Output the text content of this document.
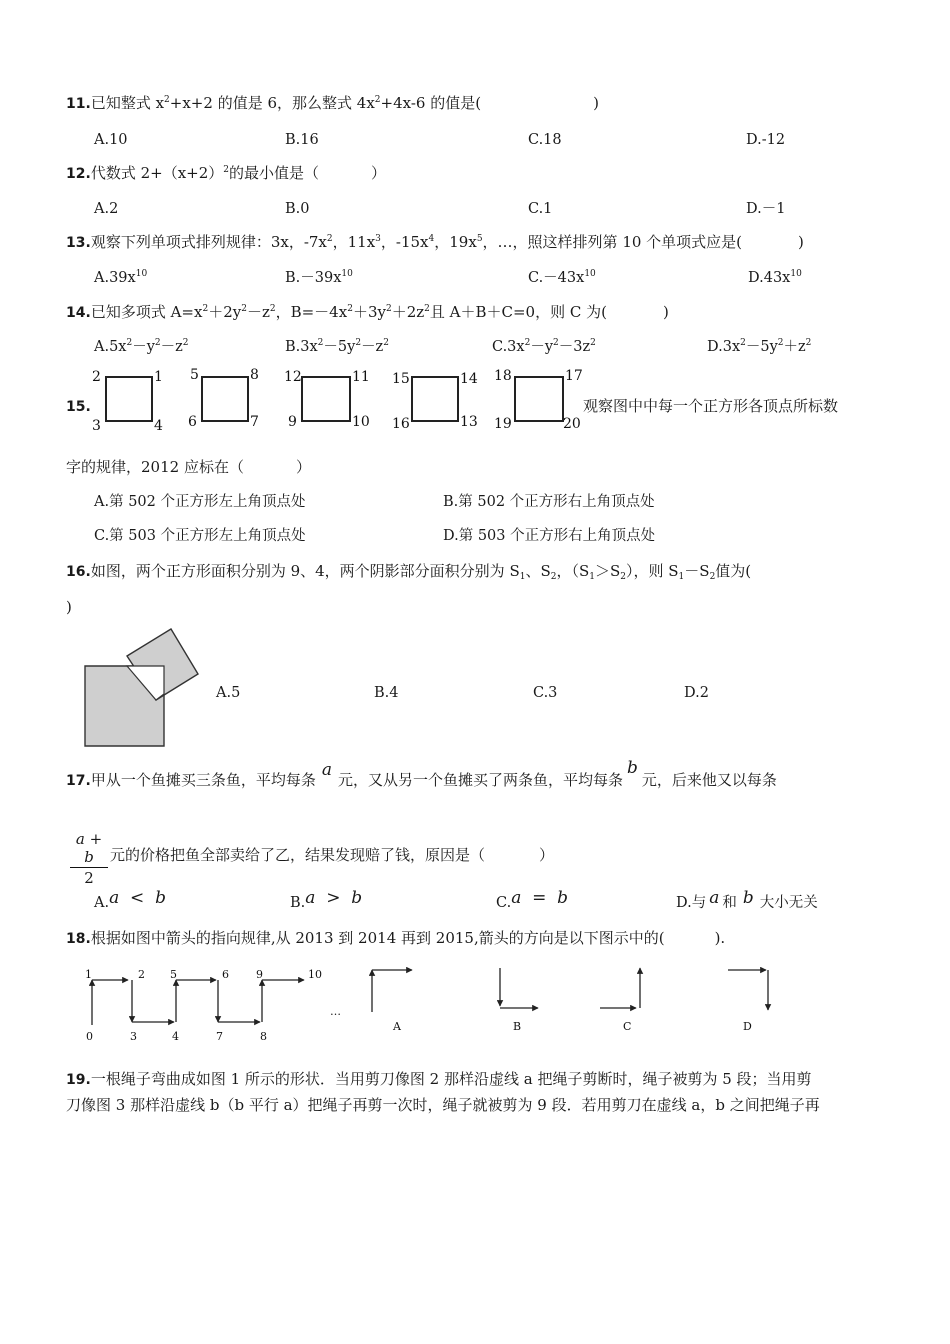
11.已知整式 $x^2+x+2$ 的值是 6，那么整式 $4x^2+4x-6$ 的值是(	)
A.10	B.16	C.18	D.-12
12.代数式 $2+(x+2)^2$的最小值是（	）
A.2	B.0	C.1	D.－1
13.观察下列单项式排列规律：3x，$-7x^2$，$11x^3$，$-15x^4$，$19x^5$，…，照这样排列第 10 个单项式应是(	)
$A.39x^{10}$	$B.-39x^{10}$	$C.-43x^{10}$	$D.43x^{10}$
14.已知多项式 $A=x^2+2y^2-z^2$，$B=-4x^2+3y^2+2z^2$且 A＋B＋C=0，则 C 为(	)
$A.5x^2-y^2-z^2$	$B.3x^2-5y^2-z^2$	$C.3x^2-y^2-3z^2$	$D.3x^2-5y^2+z^2$
15.
2	1
3	4
5	8
6	7
12	11
9	10
15	14
16	13
18	17
19	20
观察图中中每一个正方形各顶点所标数
字的规律，2012 应标在（	）
A.第 502 个正方形左上角顶点处	B.第 502 个正方形右上角顶点处
C.第 503 个正方形左上角顶点处	D.第 503 个正方形右上角顶点处
16.如图，两个正方形面积分别为 9、4，两个阴影部分面积分别为 $S_1$、$S_2$，$(S_1>S_2)$，则 $S_1-S_2$值为(
)
A.5	B.4	C.3	D.2
17.甲从一个鱼摊买三条鱼，平均每条 a 元，又从另一个鱼摊买了两条鱼，平均每条b元，后来他又以每条
a + b
2
元的价格把鱼全部卖给了乙，结果发现赔了钱，原因是（	）
A.a  <  b	B.a  >  b	C.a  =  b	D.与 a 和 b 大小无关
18.根据如图中箭头的指向规律,从 2013 到 2014 再到 2015,箭头的方向是以下图示中的(	).
0
1	2
3	4
5	6
7	8
9	10
…
A	B	C	D
19.一根绳子弯曲成如图 1 所示的形状．当用剪刀像图 2 那样沿虚线 a 把绳子剪断时，绳子被剪为 5 段；当用剪
刀像图 3 那样沿虚线 b（b 平行 a）把绳子再剪一次时，绳子就被剪为 9 段．若用剪刀在虚线 a，b 之间把绳子再
